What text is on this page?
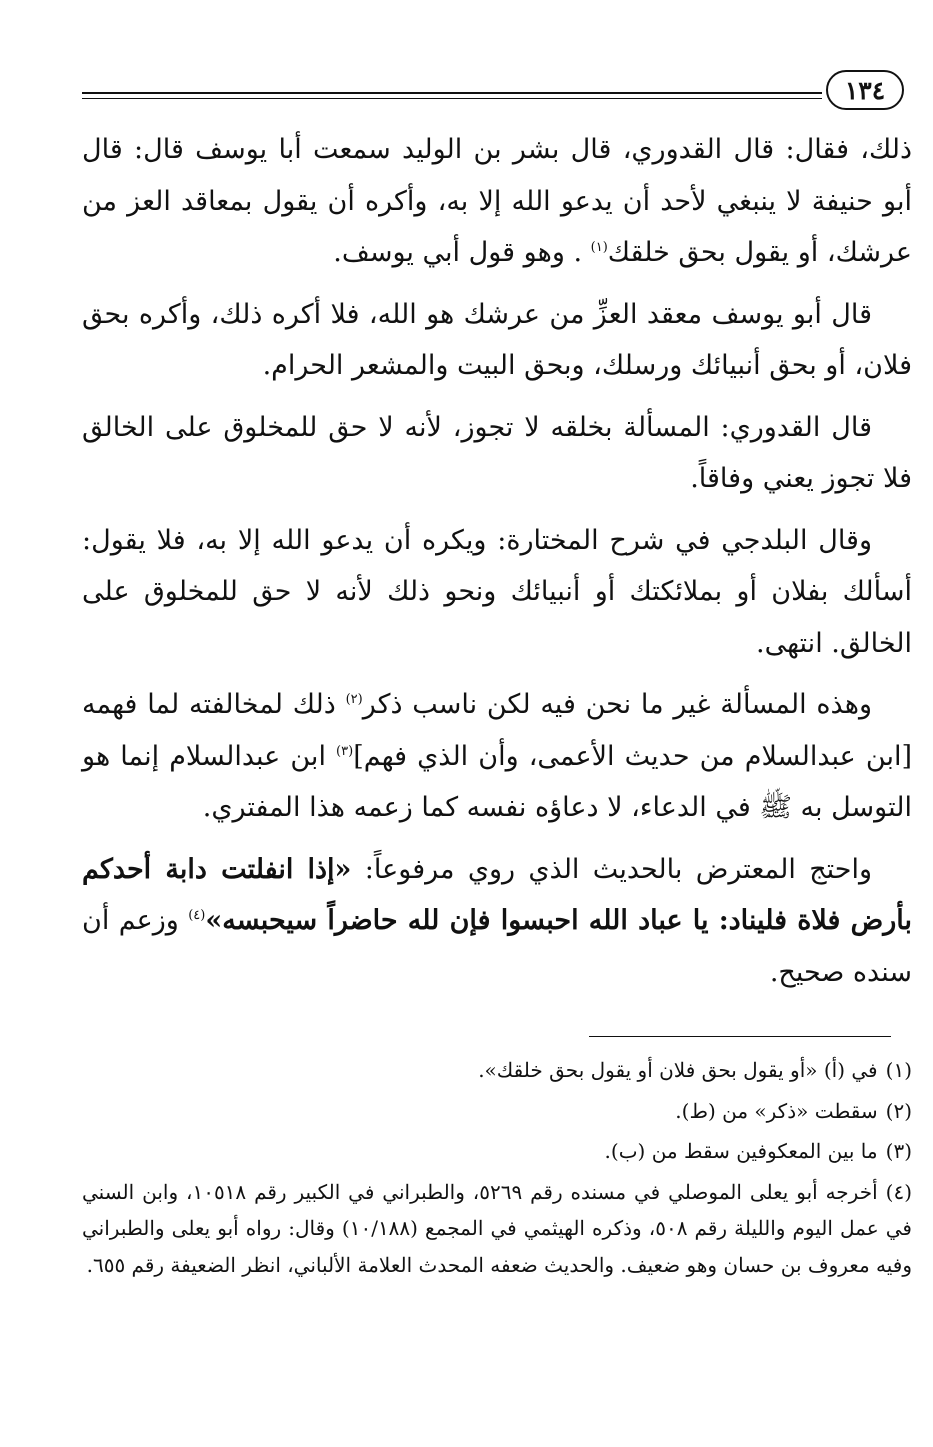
١٣٤

ذلك، فقال: قال القدوري، قال بشر بن الوليد سمعت أبا يوسف قال: قال أبو حنيفة لا ينبغي لأحد أن يدعو الله إلا به، وأكره أن يقول بمعاقد العز من عرشك، أو يقول بحق خلقك$^{(١)}$ . وهو قول أبي يوسف.

قال أبو يوسف معقد العزِّ من عرشك هو الله، فلا أكره ذلك، وأكره بحق فلان، أو بحق أنبيائك ورسلك، وبحق البيت والمشعر الحرام.

قال القدوري: المسألة بخلقه لا تجوز، لأنه لا حق للمخلوق على الخالق فلا تجوز يعني وفاقاً.

وقال البلدجي في شرح المختارة: ويكره أن يدعو الله إلا به، فلا يقول: أسألك بفلان أو بملائكتك أو أنبيائك ونحو ذلك لأنه لا حق للمخلوق على الخالق. انتهى.

وهذه المسألة غير ما نحن فيه لكن ناسب ذكر$^{(٢)}$ ذلك لمخالفته لما فهمه [ابن عبدالسلام من حديث الأعمى، وأن الذي فهم]$^{(٣)}$ ابن عبدالسلام إنما هو التوسل به ﷺ في الدعاء، لا دعاؤه نفسه كما زعمه هذا المفتري.

واحتج المعترض بالحديث الذي روي مرفوعاً: «إذا انفلتت دابة أحدكم بأرض فلاة فليناد: يا عباد الله احبسوا فإن لله حاضراً سيحبسه»$^{(٤)}$ وزعم أن سنده صحيح.

(١)في (أ) «أو يقول بحق فلان أو يقول بحق خلقك».

(٢)سقطت «ذكر» من (ط).

(٣)ما بين المعكوفين سقط من (ب).

(٤)أخرجه أبو يعلى الموصلي في مسنده رقم ٥٢٦٩، والطبراني في الكبير رقم ١٠٥١٨، وابن السني في عمل اليوم والليلة رقم ٥٠٨، وذكره الهيثمي في المجمع (١٠/١٨٨) وقال: رواه أبو يعلى والطبراني وفيه معروف بن حسان وهو ضعيف. والحديث ضعفه المحدث العلامة الألباني، انظر الضعيفة رقم ٦٥٥.
